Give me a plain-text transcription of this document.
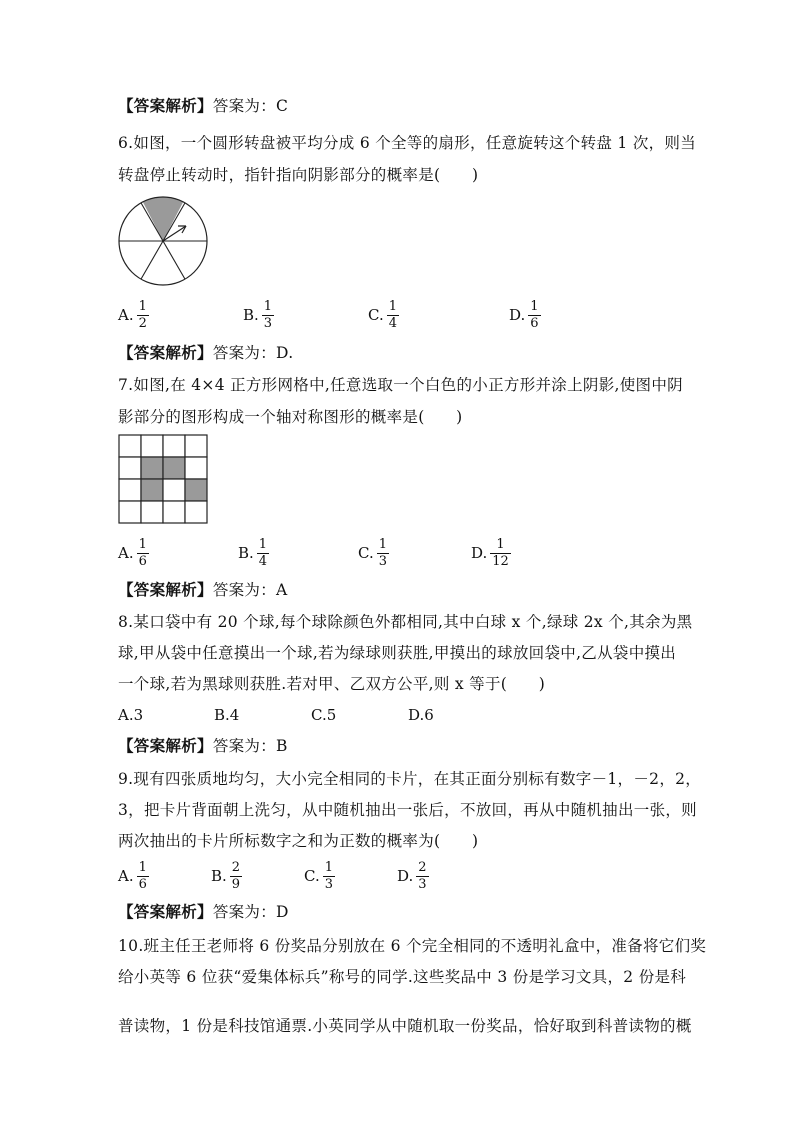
【答案解析】答案为：C
6.如图，一个圆形转盘被平均分成 6 个全等的扇形，任意旋转这个转盘 1 次，则当
转盘停止转动时，指针指向阴影部分的概率是(　　)
A. $\frac{1}{2}$	B. $\frac{1}{3}$	C. $\frac{1}{4}$	D. $\frac{1}{6}$
【答案解析】答案为：D.
7.如图,在 4×4 正方形网格中,任意选取一个白色的小正方形并涂上阴影,使图中阴
影部分的图形构成一个轴对称图形的概率是(　　)
A. $\frac{1}{6}$	B. $\frac{1}{4}$	C. $\frac{1}{3}$	D. $\frac{1}{12}$
【答案解析】答案为：A
8.某口袋中有 20 个球,每个球除颜色外都相同,其中白球 x 个,绿球 2x 个,其余为黑
球,甲从袋中任意摸出一个球,若为绿球则获胜,甲摸出的球放回袋中,乙从袋中摸出
一个球,若为黑球则获胜.若对甲、乙双方公平,则 x 等于(　　)
A.3	B.4	C.5	D.6
【答案解析】答案为：B
9.现有四张质地均匀，大小完全相同的卡片，在其正面分别标有数字－1，－2，2，
3，把卡片背面朝上洗匀，从中随机抽出一张后，不放回，再从中随机抽出一张，则
两次抽出的卡片所标数字之和为正数的概率为(　　)
A. $\frac{1}{6}$	B. $\frac{2}{9}$	C. $\frac{1}{3}$	D. $\frac{2}{3}$
【答案解析】答案为：D
10.班主任王老师将 6 份奖品分别放在 6 个完全相同的不透明礼盒中，准备将它们奖
给小英等 6 位获“爱集体标兵”称号的同学.这些奖品中 3 份是学习文具，2 份是科
普读物，1 份是科技馆通票.小英同学从中随机取一份奖品，恰好取到科普读物的概
